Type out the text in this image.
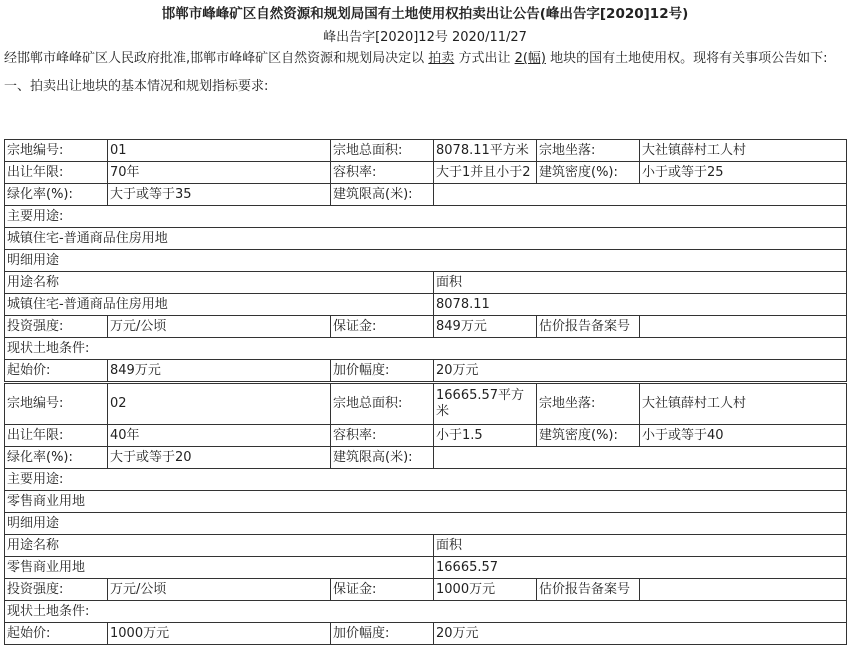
邯郸市峰峰矿区自然资源和规划局国有土地使用权拍卖出让公告(峰出告字[2020]12号)
峰出告字[2020]12号 2020/11/27
经邯郸市峰峰矿区人民政府批准,邯郸市峰峰矿区自然资源和规划局决定以 拍卖 方式出让 2(幅) 地块的国有土地使用权。现将有关事项公告如下:
一、拍卖出让地块的基本情况和规划指标要求:
宗地编号:	01	宗地总面积:	8078.11平方米	宗地坐落:	大社镇薛村工人村
出让年限:	70年	容积率:	大于1并且小于2	建筑密度(%):	小于或等于25
绿化率(%):	大于或等于35	建筑限高(米):			
主要用途:					
城镇住宅-普通商品住房用地					
明细用途					
用途名称			面积		
城镇住宅-普通商品住房用地			8078.11		
投资强度:	万元/公顷	保证金:	849万元	估价报告备案号	
现状土地条件:					
起始价:	849万元	加价幅度:	20万元		
宗地编号:	02	宗地总面积:	16665.57平方米	宗地坐落:	大社镇薛村工人村
出让年限:	40年	容积率:	小于1.5	建筑密度(%):	小于或等于40
绿化率(%):	大于或等于20	建筑限高(米):			
主要用途:					
零售商业用地					
明细用途					
用途名称			面积		
零售商业用地			16665.57		
投资强度:	万元/公顷	保证金:	1000万元	估价报告备案号	
现状土地条件:					
起始价:	1000万元	加价幅度:	20万元		
